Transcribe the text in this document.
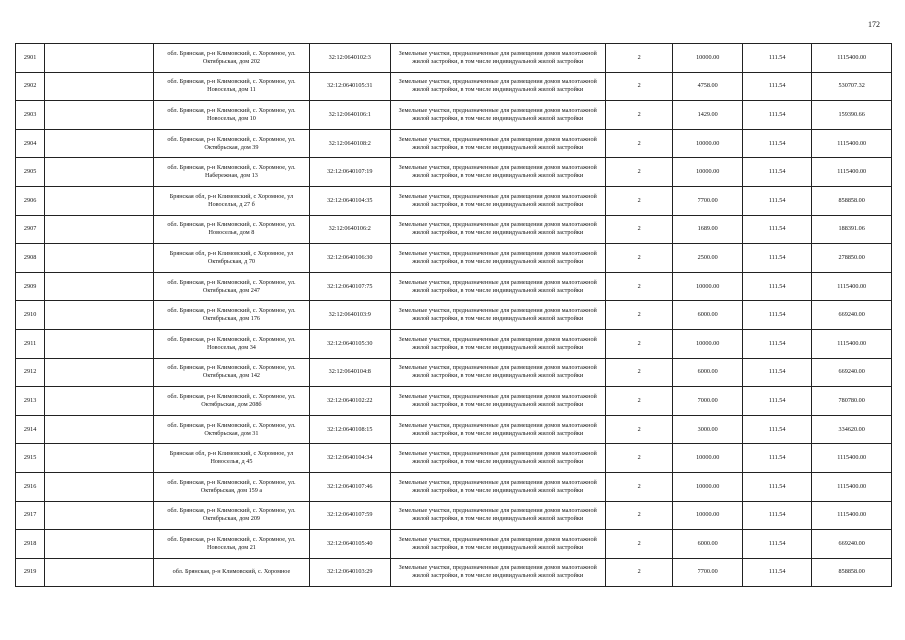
172
2901		обл. Брянская, р-н Климовский, с. Хоромное, ул. Октябрьская, дом 202	32:12:0640102:3	Земельные участки, предназначенные для размещения домов малоэтажной жилой застройки, в том числе индивидуальной жилой застройки	2	10000.00	111.54	1115400.00
2902		обл. Брянская, р-н Климовский, с. Хоромное, ул. Новоселья, дом 11	32:12:0640105:31	Земельные участки, предназначенные для размещения домов малоэтажной жилой застройки, в том числе индивидуальной жилой застройки	2	4758.00	111.54	530707.32
2903		обл. Брянская, р-н Климовский, с. Хоромное, ул. Новоселья, дом 10	32:12:0640106:1	Земельные участки, предназначенные для размещения домов малоэтажной жилой застройки, в том числе индивидуальной жилой застройки	2	1429.00	111.54	159390.66
2904		обл. Брянская, р-н Климовский, с. Хоромное, ул. Октябрьская, дом 39	32:12:0640108:2	Земельные участки, предназначенные для размещения домов малоэтажной жилой застройки, в том числе индивидуальной жилой застройки	2	10000.00	111.54	1115400.00
2905		обл. Брянская, р-н Климовский, с. Хоромное, ул. Набережная, дом 13	32:12:0640107:19	Земельные участки, предназначенные для размещения домов малоэтажной жилой застройки, в том числе индивидуальной жилой застройки	2	10000.00	111.54	1115400.00
2906		Брянская обл, р-н Климовский, с Хоромное, ул Новоселья, д 27 б	32:12:0640104:35	Земельные участки, предназначенные для размещения домов малоэтажной жилой застройки, в том числе индивидуальной жилой застройки	2	7700.00	111.54	858858.00
2907		обл. Брянская, р-н Климовский, с. Хоромное, ул. Новоселья, дом 8	32:12:0640106:2	Земельные участки, предназначенные для размещения домов малоэтажной жилой застройки, в том числе индивидуальной жилой застройки	2	1689.00	111.54	188391.06
2908		Брянская обл, р-н Климовский, с Хоромное, ул Октябрьская, д 70	32:12:0640106:30	Земельные участки, предназначенные для размещения домов малоэтажной жилой застройки, в том числе индивидуальной жилой застройки	2	2500.00	111.54	278850.00
2909		обл. Брянская, р-н Климовский, с. Хоромное, ул. Октябрьская, дом 247	32:12:0640107:75	Земельные участки, предназначенные для размещения домов малоэтажной жилой застройки, в том числе индивидуальной жилой застройки	2	10000.00	111.54	1115400.00
2910		обл. Брянская, р-н Климовский, с. Хоромное, ул. Октябрьская, дом 176	32:12:0640103:9	Земельные участки, предназначенные для размещения домов малоэтажной жилой застройки, в том числе индивидуальной жилой застройки	2	6000.00	111.54	669240.00
2911		обл. Брянская, р-н Климовский, с. Хоромное, ул. Новоселья, дом 34	32:12:0640105:30	Земельные участки, предназначенные для размещения домов малоэтажной жилой застройки, в том числе индивидуальной жилой застройки	2	10000.00	111.54	1115400.00
2912		обл. Брянская, р-н Климовский, с. Хоромное, ул. Октябрьская, дом 142	32:12:0640104:8	Земельные участки, предназначенные для размещения домов малоэтажной жилой застройки, в том числе индивидуальной жилой застройки	2	6000.00	111.54	669240.00
2913		обл. Брянская, р-н Климовский, с. Хоромное, ул. Октябрьская, дом 208б	32:12:0640102:22	Земельные участки, предназначенные для размещения домов малоэтажной жилой застройки, в том числе индивидуальной жилой застройки	2	7000.00	111.54	780780.00
2914		обл. Брянская, р-н Климовский, с. Хоромное, ул. Октябрьская, дом 31	32:12:0640108:15	Земельные участки, предназначенные для размещения домов малоэтажной жилой застройки, в том числе индивидуальной жилой застройки	2	3000.00	111.54	334620.00
2915		Брянская обл, р-н Климовский, с Хоромное, ул Новоселья, д 45	32:12:0640104:34	Земельные участки, предназначенные для размещения домов малоэтажной жилой застройки, в том числе индивидуальной жилой застройки	2	10000.00	111.54	1115400.00
2916		обл. Брянская, р-н Климовский, с. Хоромное, ул. Октябрьская, дом 159 а	32:12:0640107:46	Земельные участки, предназначенные для размещения домов малоэтажной жилой застройки, в том числе индивидуальной жилой застройки	2	10000.00	111.54	1115400.00
2917		обл. Брянская, р-н Климовский, с. Хоромное, ул. Октябрьская, дом 209	32:12:0640107:59	Земельные участки, предназначенные для размещения домов малоэтажной жилой застройки, в том числе индивидуальной жилой застройки	2	10000.00	111.54	1115400.00
2918		обл. Брянская, р-н Климовский, с. Хоромное, ул. Новоселья, дом 21	32:12:0640105:40	Земельные участки, предназначенные для размещения домов малоэтажной жилой застройки, в том числе индивидуальной жилой застройки	2	6000.00	111.54	669240.00
2919		обл. Брянская, р-н Климовский, с. Хоромное	32:12:0640103:29	Земельные участки, предназначенные для размещения домов малоэтажной жилой застройки, в том числе индивидуальной жилой застройки	2	7700.00	111.54	858858.00
